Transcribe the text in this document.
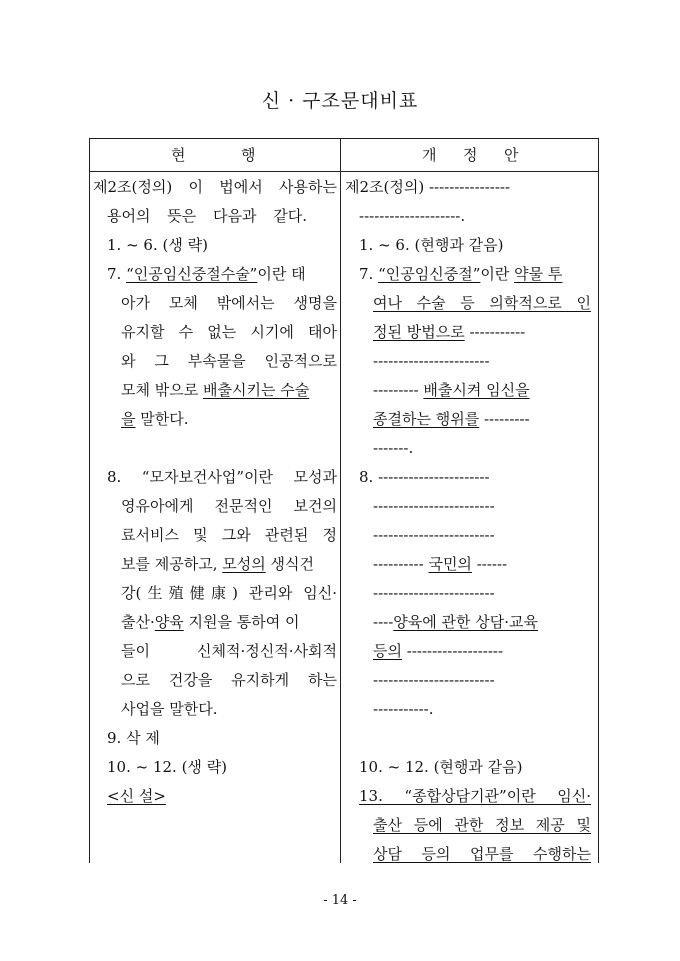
신 · 구조문대비표
현	행	개 정 안
제2조(정의) 이 법에서 사용하는
용어의 뜻은 다음과 같다.
1. ~ 6. (생 략)
7. “인공임신중절수술”이란 태
아가 모체 밖에서는 생명을
유지할 수 없는 시기에 태아
와 그 부속물을 인공적으로
모체 밖으로 배출시키는 수술
을 말한다.
8. “모자보건사업”이란 모성과
영유아에게 전문적인 보건의
료서비스 및 그와 관련된 정
보를 제공하고, 모성의 생식건
강(生殖健康) 관리와 임신·
출산·양육 지원을 통하여 이
들이 신체적·정신적·사회적
으로 건강을 유지하게 하는
사업을 말한다.
9. 삭 제
10. ~ 12. (생 략)
<신 설>
제2조(정의) ----------------
--------------------.
1. ~ 6. (현행과 같음)
7. “인공임신중절”이란 약물 투
여나 수술 등 의학적으로 인
정된 방법으로 -----------
-----------------------
--------- 배출시켜 임신을
종결하는 행위를 ---------
-------.
8. ----------------------
------------------------
------------------------
---------- 국민의 ------
------------------------
----양육에 관한 상담·교육
등의 -------------------
------------------------
-----------.
10. ~ 12. (현행과 같음)
13. “종합상담기관”이란 임신·
출산 등에 관한 정보 제공 및
상담 등의 업무를 수행하는
- 14 -
